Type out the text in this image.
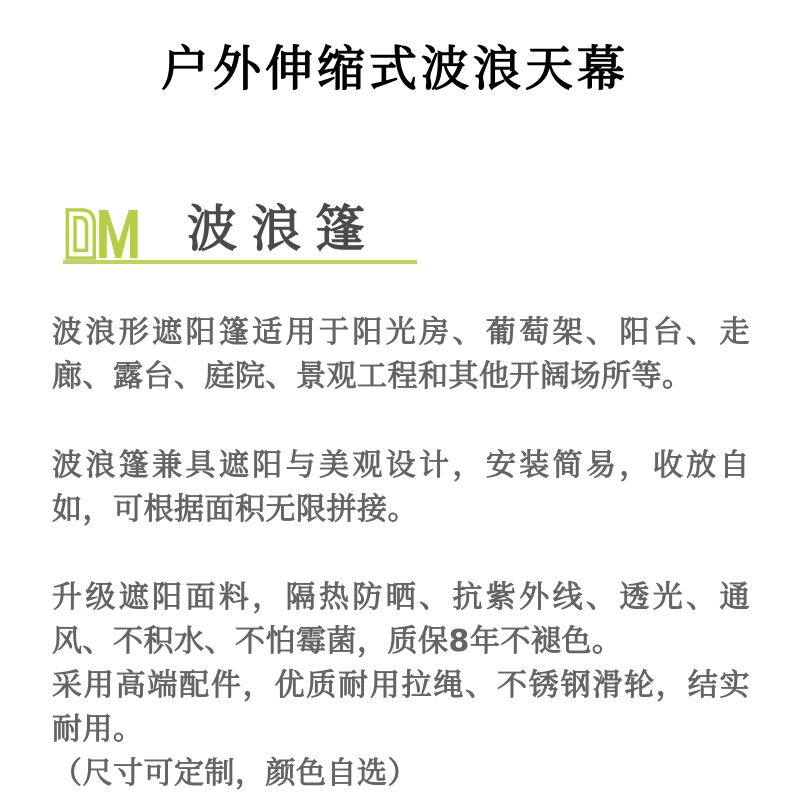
户外伸缩式波浪天幕
波浪篷

波浪形遮阳篷适用于阳光房、葡萄架、阳台、走廊、露台、庭院、景观工程和其他开阔场所等。

波浪篷兼具遮阳与美观设计，安装简易，收放自如，可根据面积无限拼接。

升级遮阳面料，隔热防晒、抗紫外线、透光、通风、不积水、不怕霉菌，质保8年不褪色。
采用高端配件，优质耐用拉绳、不锈钢滑轮，结实耐用。
（尺寸可定制，颜色自选）
